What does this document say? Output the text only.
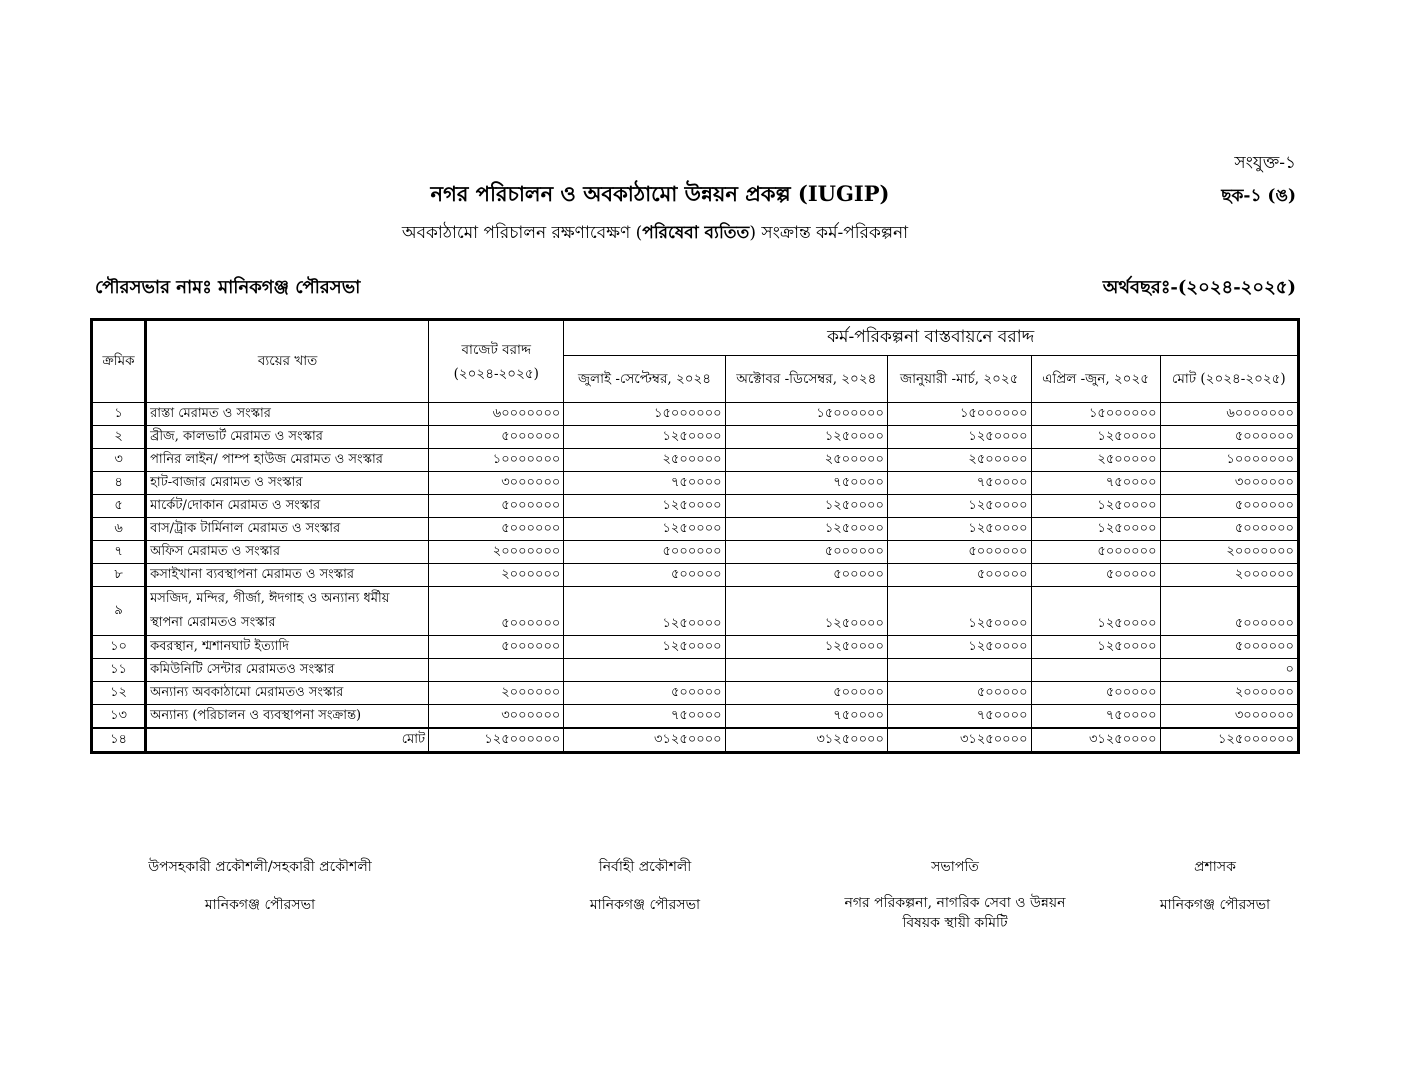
সংযুক্ত-১
ছক-১ (ঙ)
নগর পরিচালন ও অবকাঠামো উন্নয়ন প্রকল্প (IUGIP)
অবকাঠামো পরিচালন রক্ষণাবেক্ষণ (পরিষেবা ব্যতিত) সংক্রান্ত কর্ম-পরিকল্পনা
পৌরসভার নামঃ মানিকগঞ্জ পৌরসভা	অর্থবছরঃ-(২০২৪-২০২৫)
ক্রমিক	ব্যয়ের খাত	বাজেট বরাদ্দ (২০২৪-২০২৫)	কর্ম-পরিকল্পনা বাস্তবায়নে বরাদ্দ				
			জুলাই -সেপ্টেম্বর, ২০২৪	অক্টোবর -ডিসেম্বর, ২০২৪	জানুয়ারী -মার্চ, ২০২৫	এপ্রিল -জুন, ২০২৫	মোট (২০২৪-২০২৫)
১	রাস্তা মেরামত ও সংস্কার	৬০০০০০০০	১৫০০০০০০	১৫০০০০০০	১৫০০০০০০	১৫০০০০০০	৬০০০০০০০
২	ব্রীজ, কালভার্ট মেরামত ও সংস্কার	৫০০০০০০	১২৫০০০০	১২৫০০০০	১২৫০০০০	১২৫০০০০	৫০০০০০০
৩	পানির লাইন/ পাম্প হাউজ মেরামত ও সংস্কার	১০০০০০০০	২৫০০০০০	২৫০০০০০	২৫০০০০০	২৫০০০০০	১০০০০০০০
৪	হাট-বাজার মেরামত ও সংস্কার	৩০০০০০০	৭৫০০০০	৭৫০০০০	৭৫০০০০	৭৫০০০০	৩০০০০০০
৫	মার্কেট/দোকান মেরামত ও সংস্কার	৫০০০০০০	১২৫০০০০	১২৫০০০০	১২৫০০০০	১২৫০০০০	৫০০০০০০
৬	বাস/ট্রাক টার্মিনাল মেরামত ও সংস্কার	৫০০০০০০	১২৫০০০০	১২৫০০০০	১২৫০০০০	১২৫০০০০	৫০০০০০০
৭	অফিস মেরামত ও সংস্কার	২০০০০০০০	৫০০০০০০	৫০০০০০০	৫০০০০০০	৫০০০০০০	২০০০০০০০
৮	কসাইখানা ব্যবস্থাপনা মেরামত ও সংস্কার	২০০০০০০	৫০০০০০	৫০০০০০	৫০০০০০	৫০০০০০	২০০০০০০
৯	মসজিদ, মন্দির, গীর্জা, ঈদগাহ ও অন্যান্য ধর্মীয় স্থাপনা মেরামতও সংস্কার	৫০০০০০০	১২৫০০০০	১২৫০০০০	১২৫০০০০	১২৫০০০০	৫০০০০০০
১০	কবরস্থান, শ্মশানঘাট ইত্যাদি	৫০০০০০০	১২৫০০০০	১২৫০০০০	১২৫০০০০	১২৫০০০০	৫০০০০০০
১১	কমিউনিটি সেন্টার মেরামতও সংস্কার						০
১২	অন্যান্য অবকাঠামো মেরামতও সংস্কার	২০০০০০০	৫০০০০০	৫০০০০০	৫০০০০০	৫০০০০০	২০০০০০০
১৩	অন্যান্য (পরিচালন ও ব্যবস্থাপনা সংক্রান্ত)	৩০০০০০০	৭৫০০০০	৭৫০০০০	৭৫০০০০	৭৫০০০০	৩০০০০০০
১৪	মোট	১২৫০০০০০০	৩১২৫০০০০	৩১২৫০০০০	৩১২৫০০০০	৩১২৫০০০০	১২৫০০০০০০
উপসহকারী প্রকৌশলী/সহকারী প্রকৌশলী
মানিকগঞ্জ পৌরসভা
নির্বাহী প্রকৌশলী
মানিকগঞ্জ পৌরসভা
সভাপতি
নগর পরিকল্পনা, নাগরিক সেবা ও উন্নয়ন বিষয়ক স্থায়ী কমিটি
প্রশাসক
মানিকগঞ্জ পৌরসভা
